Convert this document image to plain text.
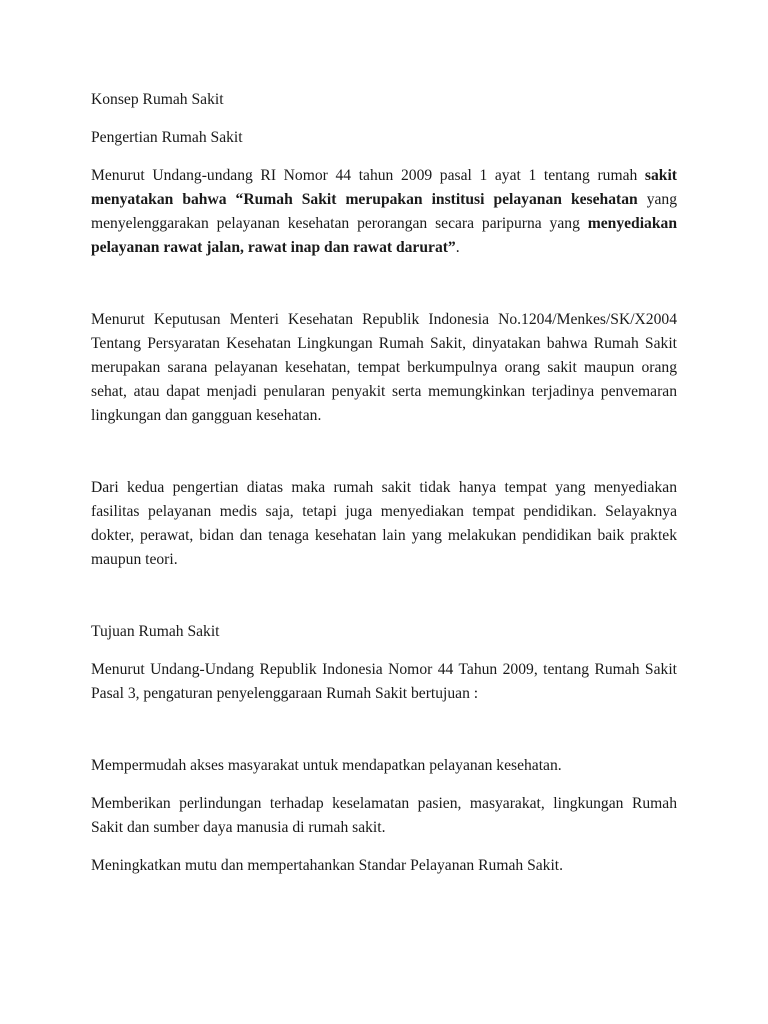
Konsep Rumah Sakit

Pengertian Rumah Sakit

Menurut Undang-undang RI Nomor 44 tahun 2009 pasal 1 ayat 1 tentang rumah sakit menyatakan bahwa “Rumah Sakit merupakan institusi pelayanan kesehatan yang menyelenggarakan pelayanan kesehatan perorangan secara paripurna yang menyediakan pelayanan rawat jalan, rawat inap dan rawat darurat”.

Menurut Keputusan Menteri Kesehatan Republik Indonesia No.1204/Menkes/SK/X2004 Tentang Persyaratan Kesehatan Lingkungan Rumah Sakit, dinyatakan bahwa Rumah Sakit merupakan sarana pelayanan kesehatan, tempat berkumpulnya orang sakit maupun orang sehat, atau dapat menjadi penularan penyakit serta memungkinkan terjadinya penvemaran lingkungan dan gangguan kesehatan.

Dari kedua pengertian diatas maka rumah sakit tidak hanya tempat yang menyediakan fasilitas pelayanan medis saja, tetapi juga menyediakan tempat pendidikan. Selayaknya dokter, perawat, bidan dan tenaga kesehatan lain yang melakukan pendidikan baik praktek maupun teori.

Tujuan Rumah Sakit

Menurut Undang-Undang Republik Indonesia Nomor 44 Tahun 2009, tentang Rumah Sakit Pasal 3, pengaturan penyelenggaraan Rumah Sakit bertujuan :

Mempermudah akses masyarakat untuk mendapatkan pelayanan kesehatan.

Memberikan perlindungan terhadap keselamatan pasien, masyarakat, lingkungan Rumah Sakit dan sumber daya manusia di rumah sakit.

Meningkatkan mutu dan mempertahankan Standar Pelayanan Rumah Sakit.
